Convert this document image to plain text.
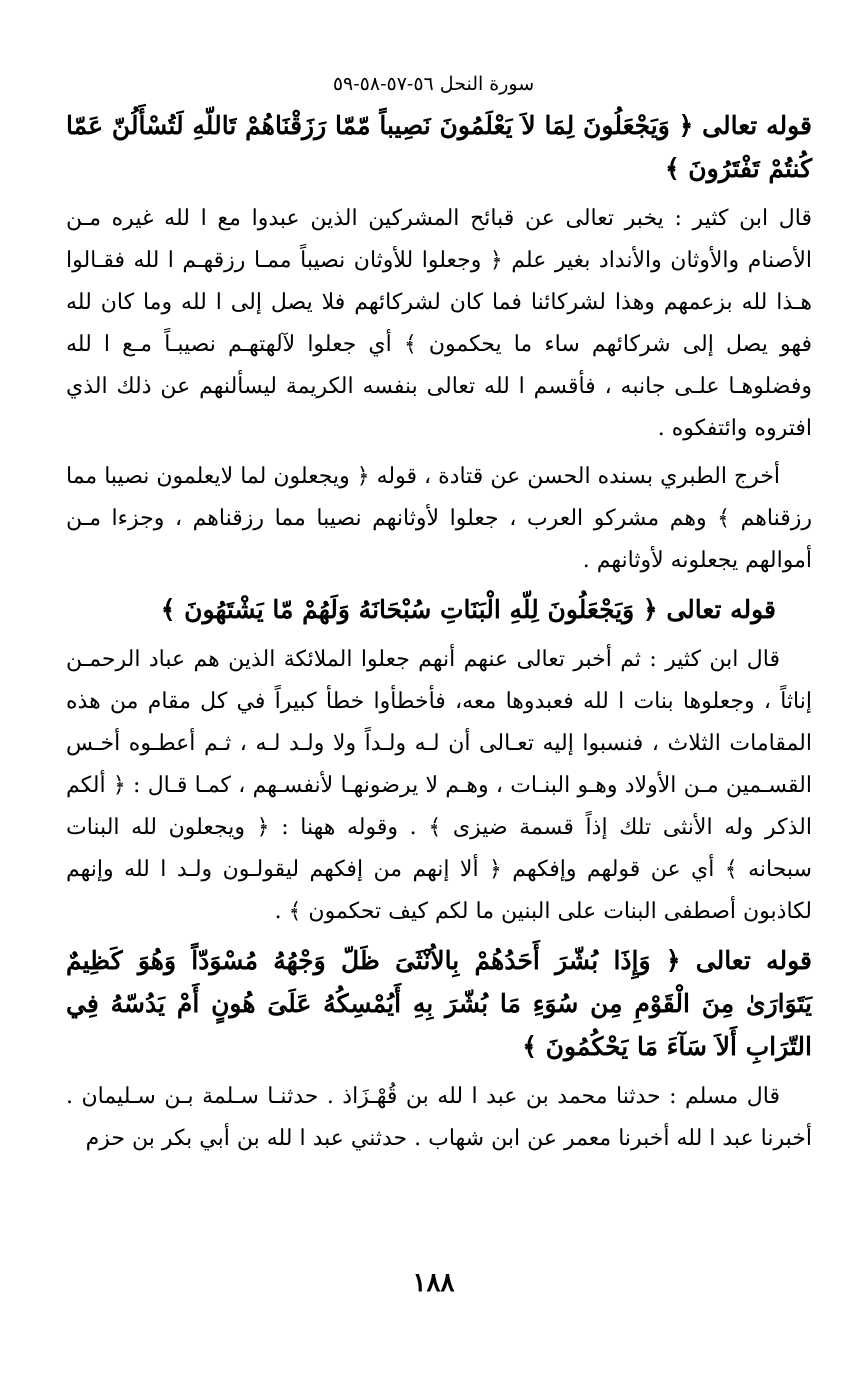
سورة النحل ٥٦-٥٧-٥٨-٥٩

قوله تعالى ﴿ وَيَجْعَلُونَ لِمَا لاَ يَعْلَمُونَ نَصِيباً مّمّا رَزَقْنَاهُمْ تَاللّهِ لَتُسْأَلُنّ عَمّا كُنتُمْ تَفْتَرُونَ ﴾

قال ابن كثير : يخبر تعالى عن قبائح المشركين الذين عبدوا مع ا لله غيره مـن الأصنام والأوثان والأنداد بغير علم ﴿ وجعلوا للأوثان نصيباً ممـا رزقهـم ا لله فقـالوا هـذا لله بزعمهم وهذا لشركائنا فما كان لشركائهم فلا يصل إلى ا لله وما كان لله فهو يصل إلى شركائهم ساء ما يحكمون ﴾ أي جعلوا لآلهتهـم نصيبـاً مـع ا لله وفضلوهـا علـى جانبه ، فأقسم ا لله تعالى بنفسه الكريمة ليسألنهم عن ذلك الذي افتروه وائتفكوه .

أخرج الطبري بسنده الحسن عن قتادة ، قوله ﴿ ويجعلون لما لايعلمون نصيبا مما رزقناهم ﴾ وهم مشركو العرب ، جعلوا لأوثانهم نصيبا مما رزقناهم ، وجزءا مـن أموالهم يجعلونه لأوثانهم .

قوله تعالى ﴿ وَيَجْعَلُونَ لِلّهِ الْبَنَاتِ سُبْحَانَهُ وَلَهُمْ مّا يَشْتَهُونَ ﴾

قال ابن كثير : ثم أخبر تعالى عنهم أنهم جعلوا الملائكة الذين هم عباد الرحمـن إناثاً ، وجعلوها بنات ا لله فعبدوها معه، فأخطأوا خطأ كبيراً في كل مقام من هذه المقامات الثلاث ، فنسبوا إليه تعـالى أن لـه ولـداً ولا ولـد لـه ، ثـم أعطـوه أخـس القسـمين مـن الأولاد وهـو البنـات ، وهـم لا يرضونهـا لأنفسـهم ، كمـا قـال : ﴿ ألكم الذكر وله الأنثى تلك إذاً قسمة ضيزى ﴾ . وقوله ههنا : ﴿ ويجعلون لله البنات سبحانه ﴾ أي عن قولهم وإفكهم ﴿ ألا إنهم من إفكهم ليقولـون ولـد ا لله وإنهم لكاذبون أصطفى البنات على البنين ما لكم كيف تحكمون ﴾ .

قوله تعالى ﴿ وَإِذَا بُشّرَ أَحَدُهُمْ بِالاُنْثَىَ ظَلّ وَجْهُهُ مُسْوَدّاً وَهُوَ كَظِيمٌ يَتَوَارَىٰ مِنَ الْقَوْمِ مِن سُوَءِ مَا بُشّرَ بِهِ أَيُمْسِكُهُ عَلَىَ هُونٍ أَمْ يَدُسّهُ فِي التّرَابِ أَلاَ سَآءَ مَا يَحْكُمُونَ ﴾

قال مسلم : حدثنا محمد بن عبد ا لله بن قُهْـزَاذ . حدثنـا سـلمة بـن سـليمان . أخبرنا عبد ا لله أخبرنا معمر عن ابن شهاب . حدثني عبد ا لله بن أبي بكر بن حزم

١٨٨
